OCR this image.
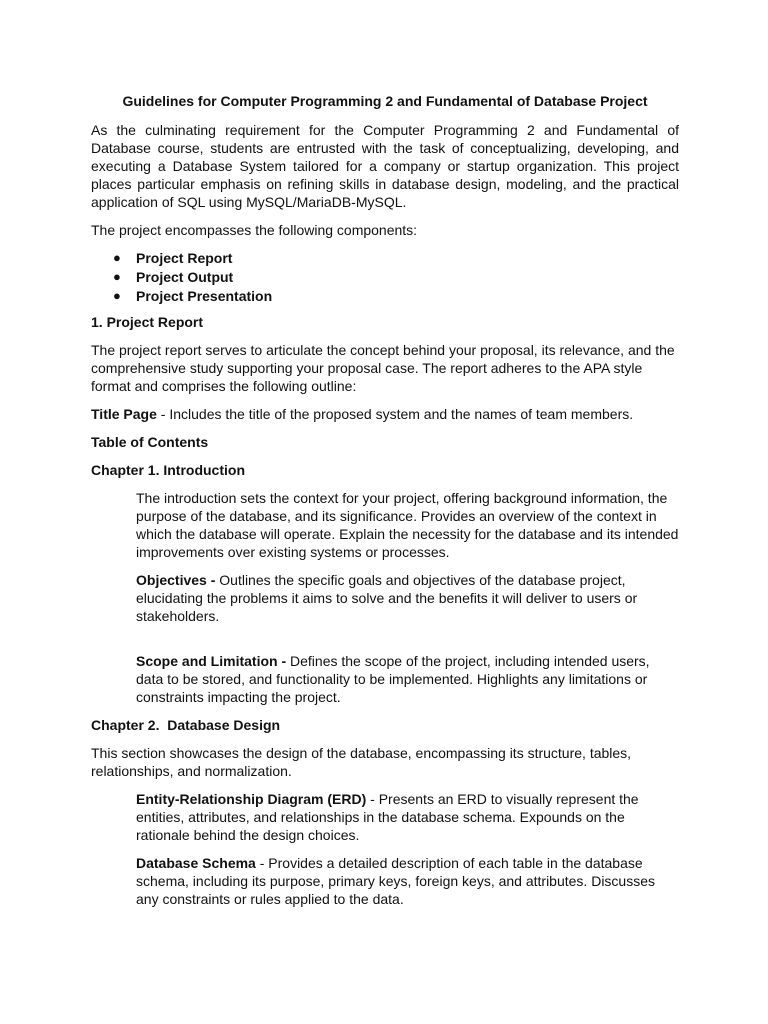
Guidelines for Computer Programming 2 and Fundamental of Database Project

As the culminating requirement for the Computer Programming 2 and Fundamental of Database course, students are entrusted with the task of conceptualizing, developing, and executing a Database System tailored for a company or startup organization. This project places particular emphasis on refining skills in database design, modeling, and the practical application of SQL using MySQL/MariaDB-MySQL.

The project encompasses the following components:

● Project Report
● Project Output
● Project Presentation
1. Project Report

The project report serves to articulate the concept behind your proposal, its relevance, and the comprehensive study supporting your proposal case. The report adheres to the APA style format and comprises the following outline:

Title Page - Includes the title of the proposed system and the names of team members.

Table of Contents
Chapter 1. Introduction

The introduction sets the context for your project, offering background information, the purpose of the database, and its significance. Provides an overview of the context in which the database will operate. Explain the necessity for the database and its intended improvements over existing systems or processes.

Objectives - Outlines the specific goals and objectives of the database project, elucidating the problems it aims to solve and the benefits it will deliver to users or stakeholders.

Scope and Limitation - Defines the scope of the project, including intended users, data to be stored, and functionality to be implemented. Highlights any limitations or constraints impacting the project.

Chapter 2.  Database Design

This section showcases the design of the database, encompassing its structure, tables, relationships, and normalization.

Entity-Relationship Diagram (ERD) - Presents an ERD to visually represent the entities, attributes, and relationships in the database schema. Expounds on the rationale behind the design choices.

Database Schema - Provides a detailed description of each table in the database schema, including its purpose, primary keys, foreign keys, and attributes. Discusses any constraints or rules applied to the data.
